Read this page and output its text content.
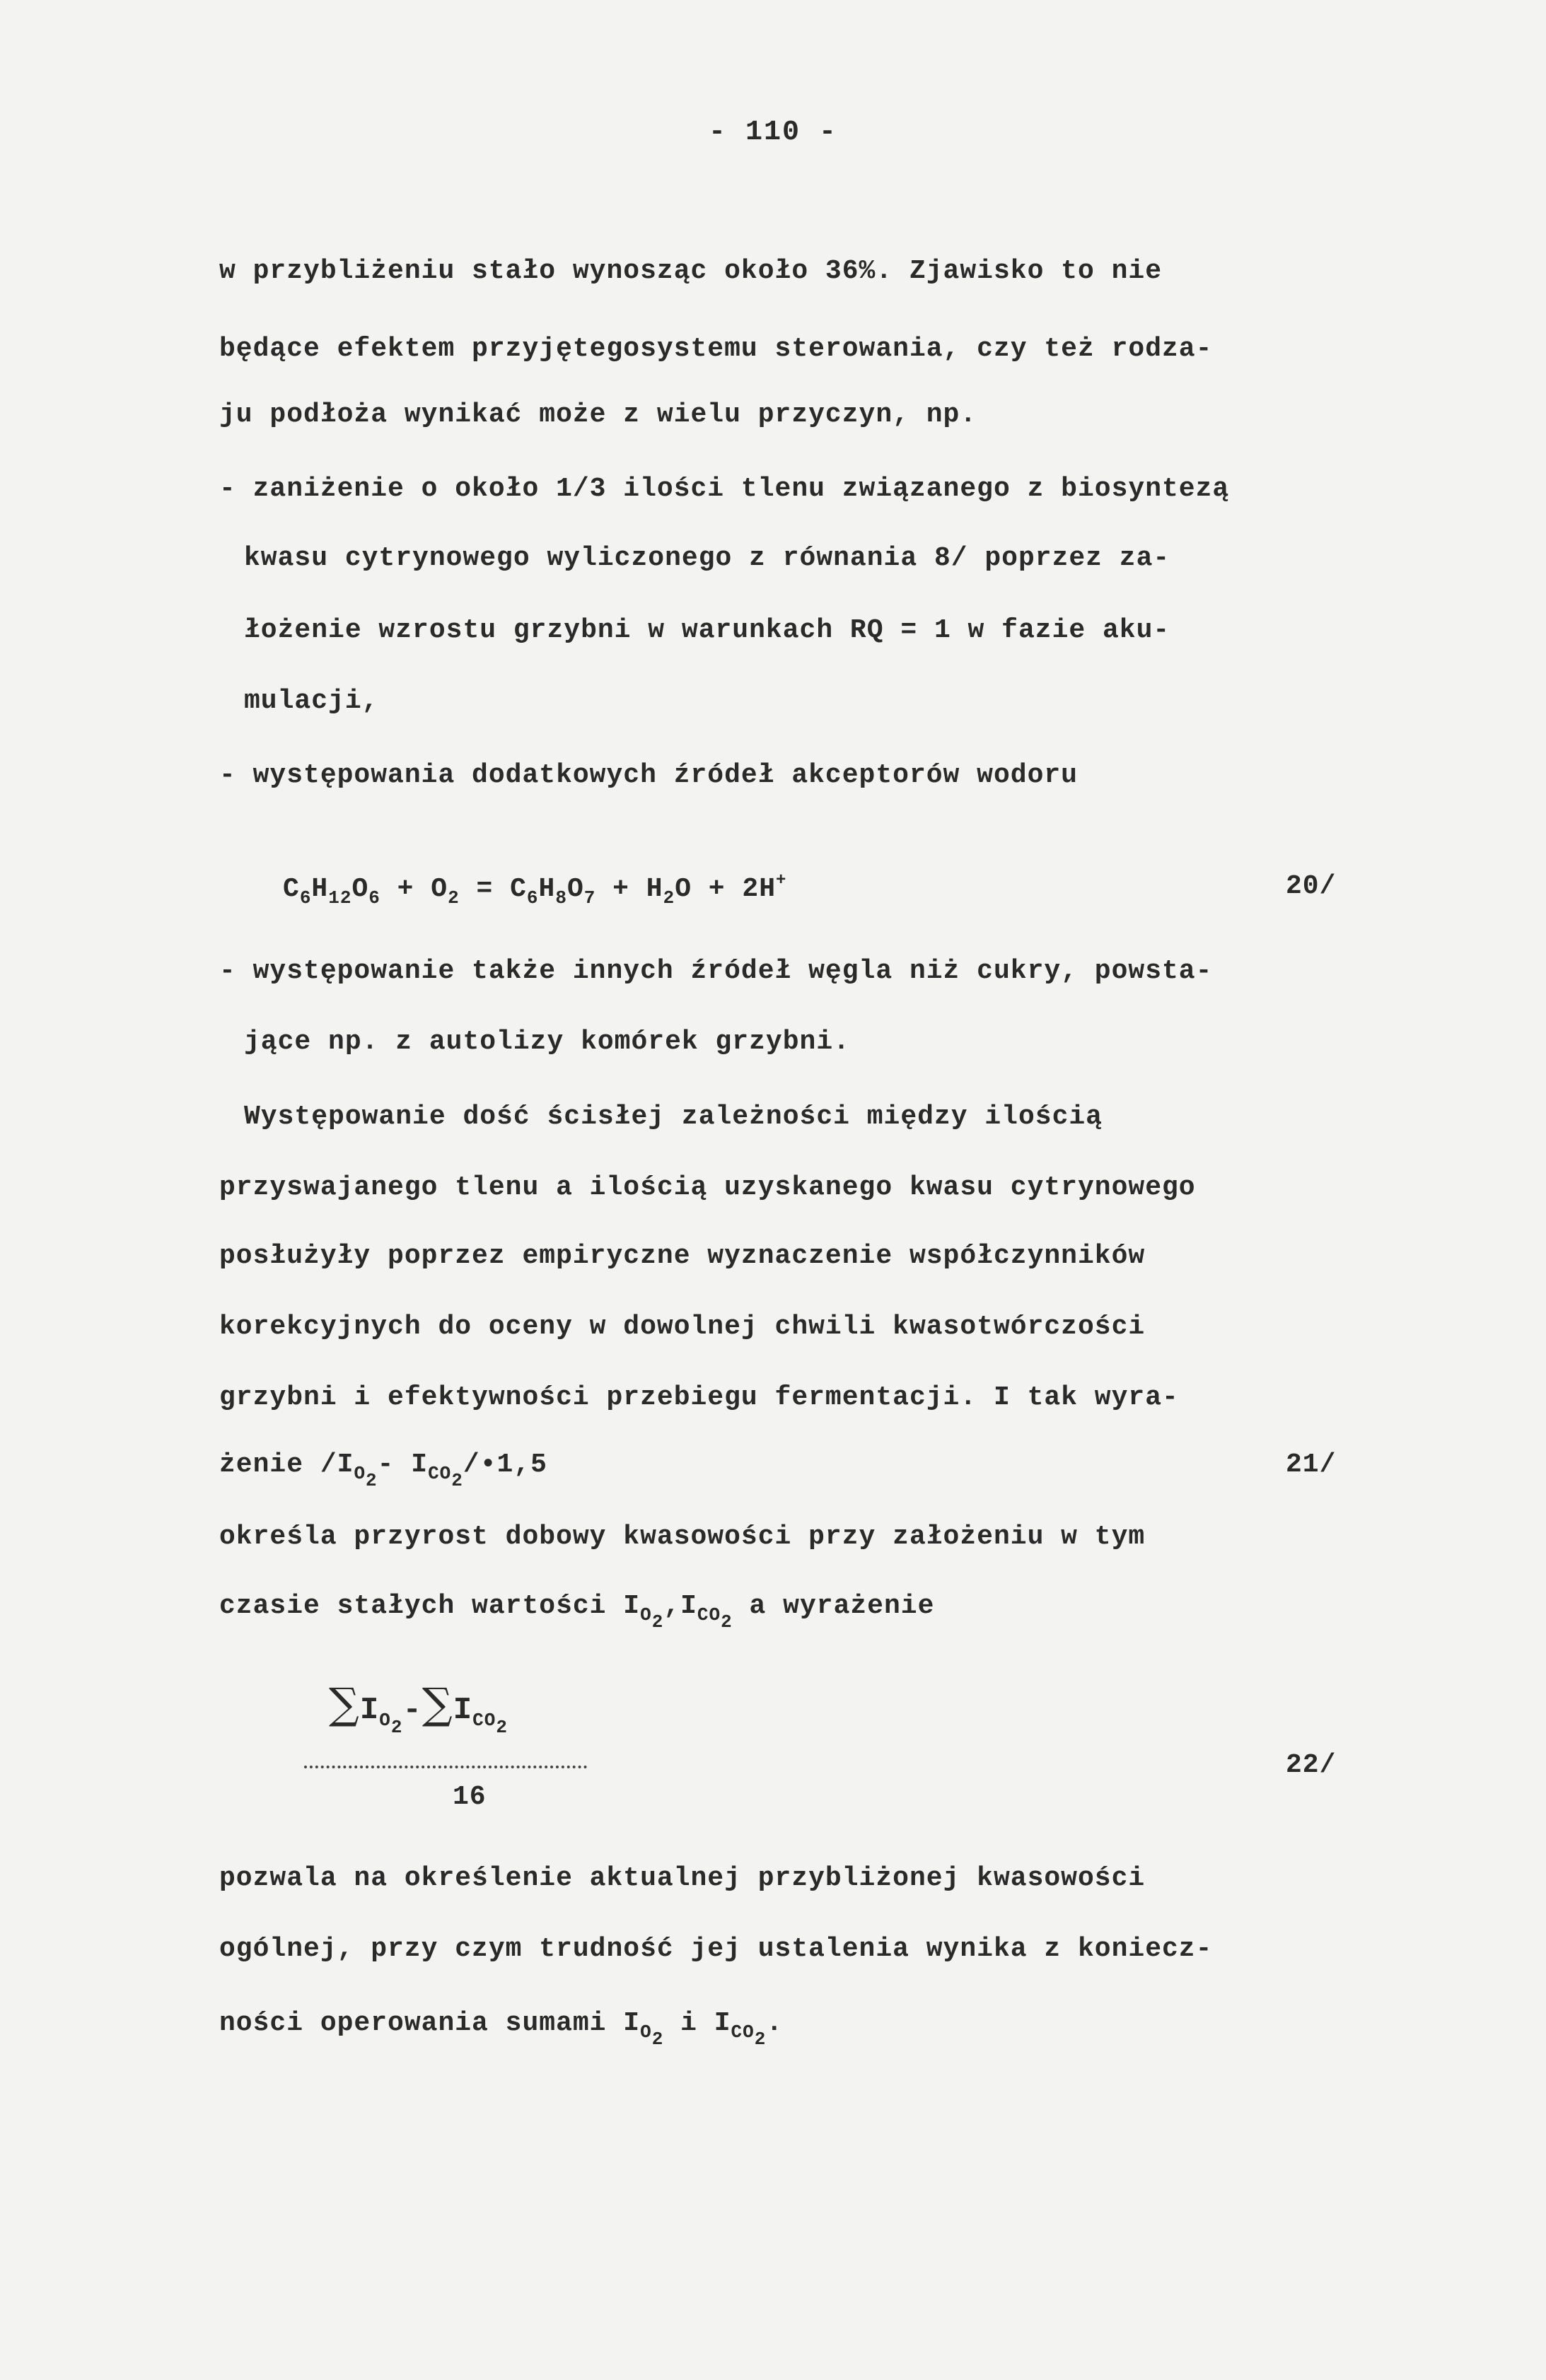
- 110 -
w przybliżeniu stało wynosząc około 36%. Zjawisko to nie
będące efektem przyjętegosystemu sterowania, czy też rodza-
ju podłoża wynikać może z wielu przyczyn, np.
- zaniżenie o około 1/3 ilości tlenu związanego z biosyntezą
kwasu cytrynowego wyliczonego z równania 8/ poprzez za-
łożenie wzrostu grzybni w warunkach RQ = 1 w fazie aku-
mulacji,
- występowania dodatkowych źródeł akceptorów wodoru
$C_6H_{12}O_6 + O_2 = C_6H_8O_7 + H_2O + 2H^+$	20/
- występowanie także innych źródeł węgla niż cukry, powsta-
jące np. z autolizy komórek grzybni.
Występowanie dość ścisłej zależności między ilością
przyswajanego tlenu a ilością uzyskanego kwasu cytrynowego
posłużyły poprzez empiryczne wyznaczenie współczynników
korekcyjnych do oceny w dowolnej chwili kwasotwórczości
grzybni i efektywności przebiegu fermentacji. I tak wyra-
żenie $/I_{O_2}-$ $I_{CO_2}/•1,5$	21/
określa przyrost dobowy kwasowości przy założeniu w tym
czasie stałych wartości $I_{O_2},I_{CO_2}$ a wyrażenie
$\sum I_{O_2}-\sum I_{CO_2}$
16
22/
pozwala na określenie aktualnej przybliżonej kwasowości
ogólnej, przy czym trudność jej ustalenia wynika z koniecz-
ności operowania sumami $I_{O_2}$ i $I_{CO_2}$.
